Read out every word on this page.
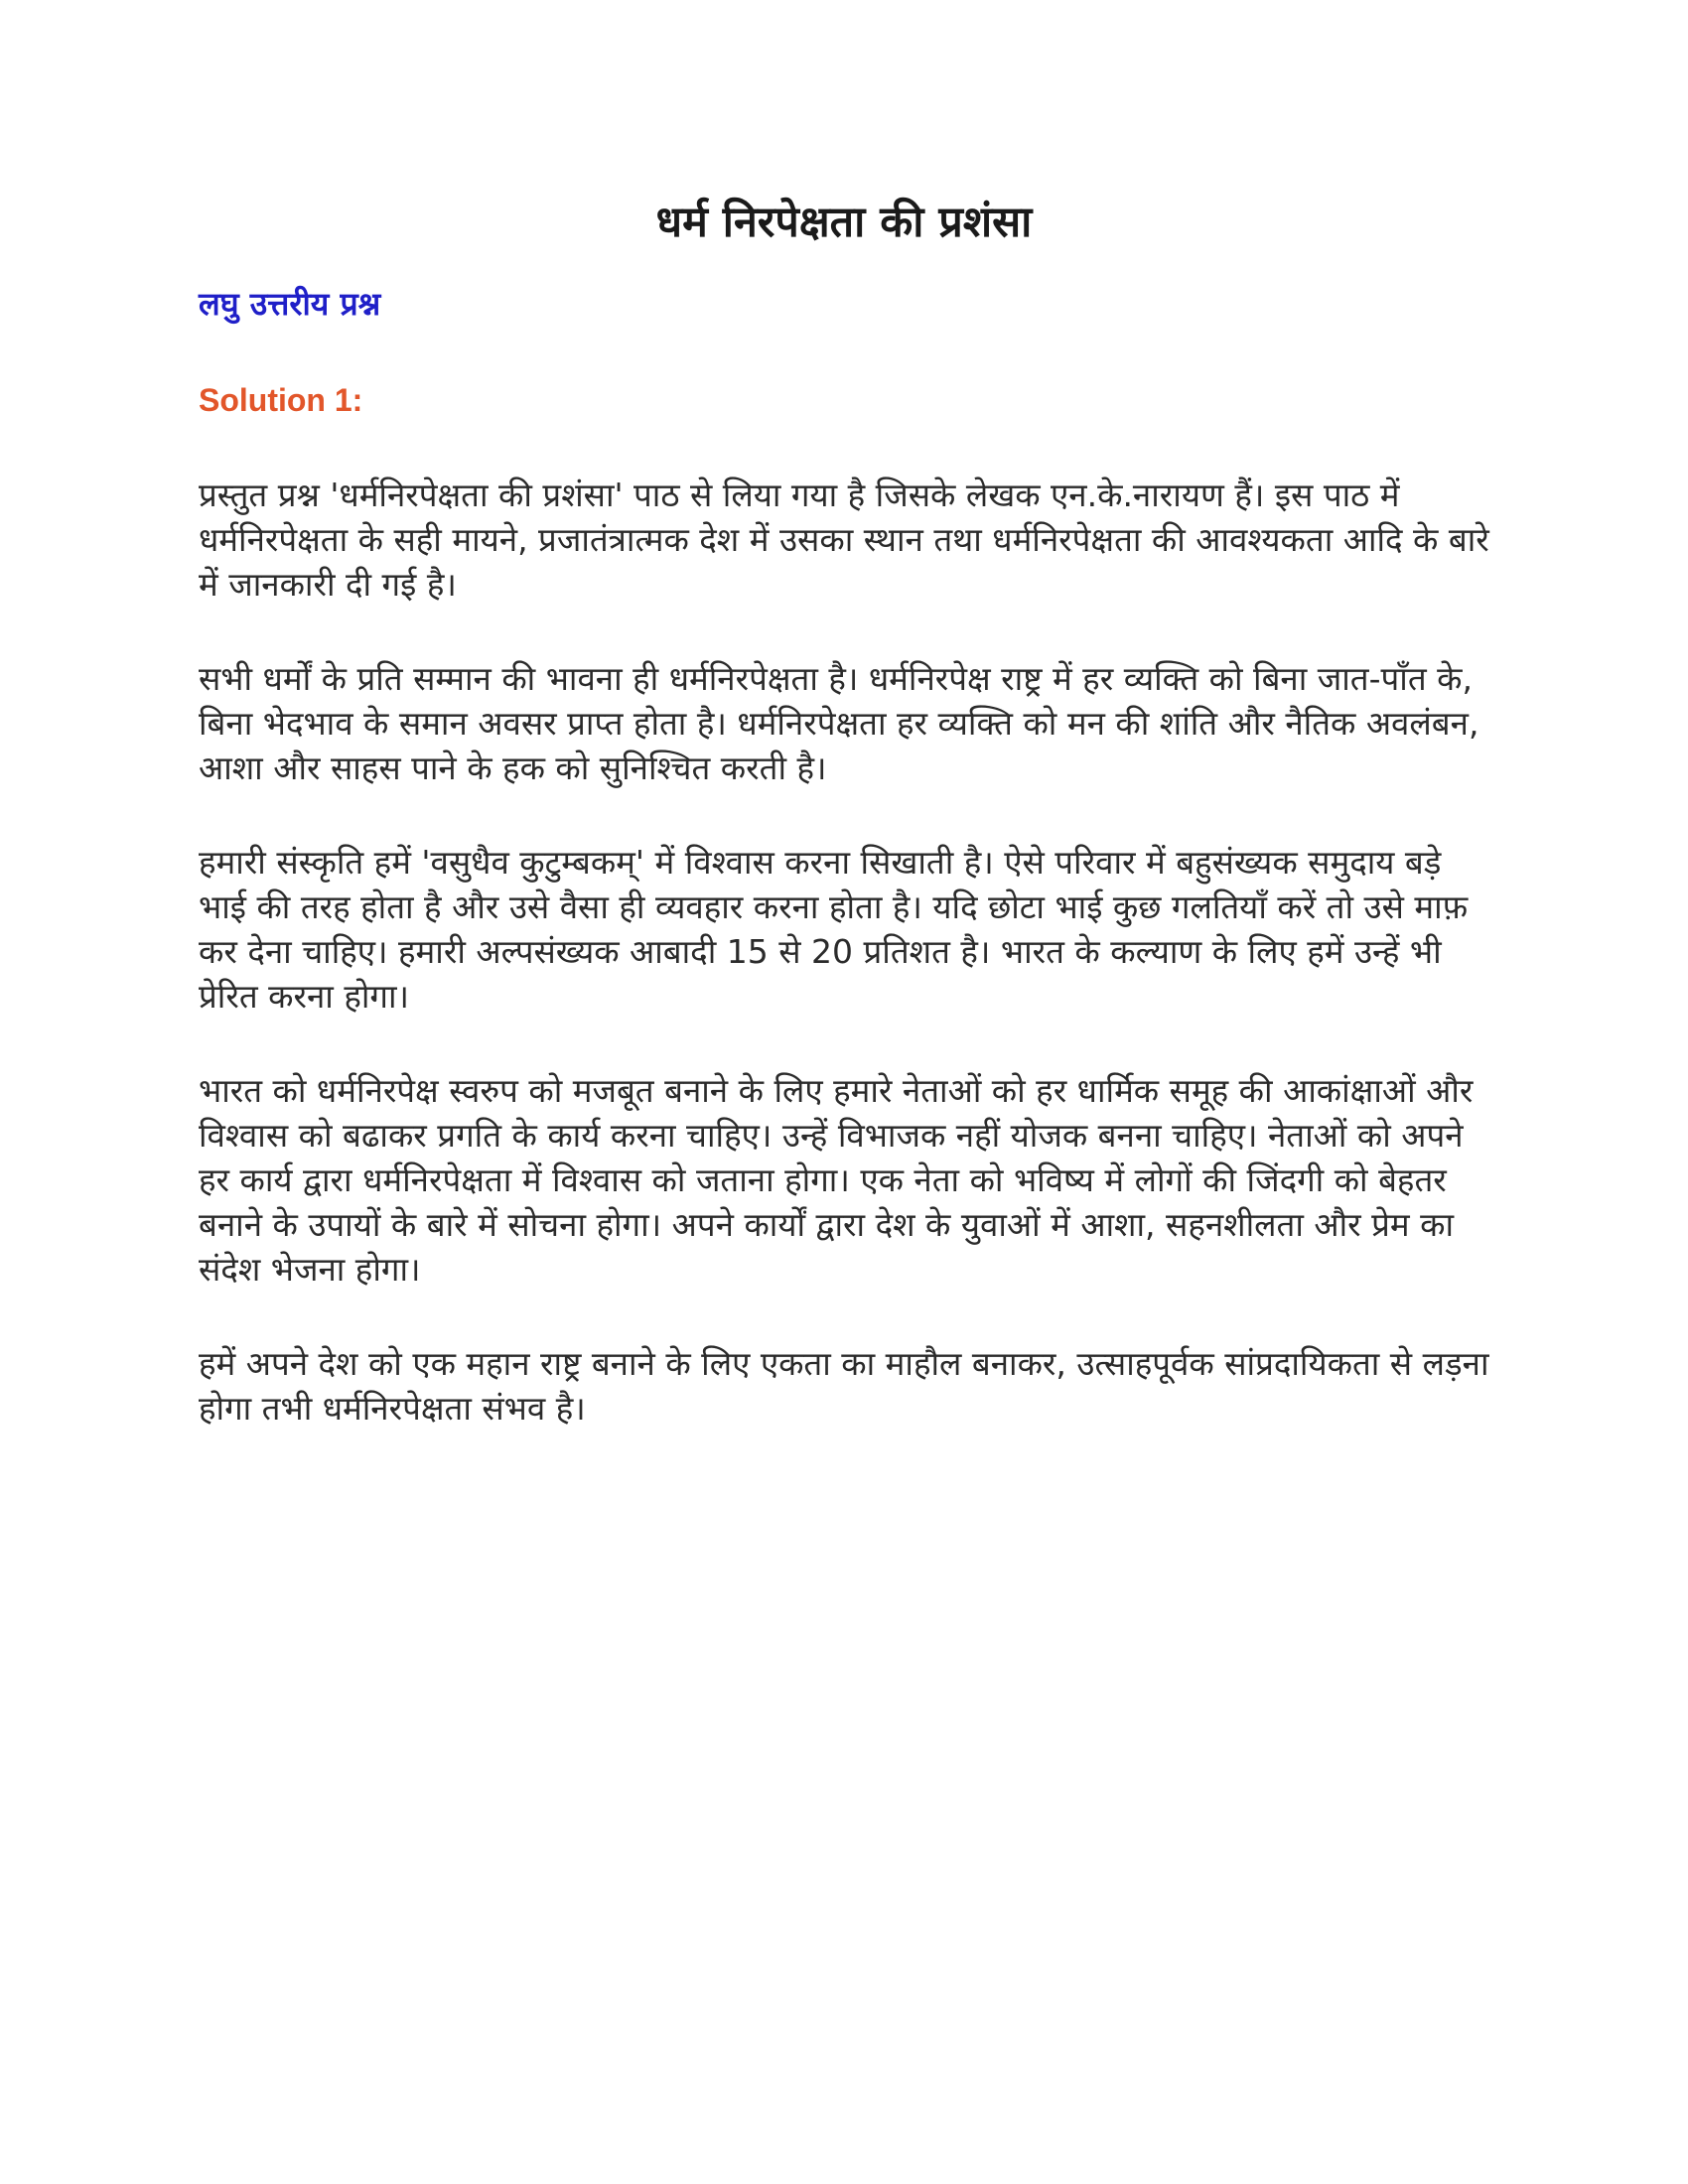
धर्म निरपेक्षता की प्रशंसा
लघु उत्तरीय प्रश्न
Solution 1:

प्रस्तुत प्रश्न 'धर्मनिरपेक्षता की प्रशंसा' पाठ से लिया गया है जिसके लेखक एन.के.नारायण हैं। इस पाठ में धर्मनिरपेक्षता के सही मायने, प्रजातंत्रात्मक देश में उसका स्थान तथा धर्मनिरपेक्षता की आवश्यकता आदि के बारे में जानकारी दी गई है।

सभी धर्मों के प्रति सम्मान की भावना ही धर्मनिरपेक्षता है। धर्मनिरपेक्ष राष्ट्र में हर व्यक्ति को बिना जात-पाँत के, बिना भेदभाव के समान अवसर प्राप्त होता है। धर्मनिरपेक्षता हर व्यक्ति को मन की शांति और नैतिक अवलंबन, आशा और साहस पाने के हक को सुनिश्चित करती है।

हमारी संस्कृति हमें 'वसुधैव कुटुम्बकम्' में विश्वास करना सिखाती है। ऐसे परिवार में बहुसंख्यक समुदाय बड़े भाई की तरह होता है और उसे वैसा ही व्यवहार करना होता है। यदि छोटा भाई कुछ गलतियाँ करें तो उसे माफ़ कर देना चाहिए। हमारी अल्पसंख्यक आबादी 15 से 20 प्रतिशत है। भारत के कल्याण के लिए हमें उन्हें भी प्रेरित करना होगा।

भारत को धर्मनिरपेक्ष स्वरुप को मजबूत बनाने के लिए हमारे नेताओं को हर धार्मिक समूह की आकांक्षाओं और विश्वास को बढाकर प्रगति के कार्य करना चाहिए। उन्हें विभाजक नहीं योजक बनना चाहिए। नेताओं को अपने हर कार्य द्वारा धर्मनिरपेक्षता में विश्वास को जताना होगा। एक नेता को भविष्य में लोगों की जिंदगी को बेहतर बनाने के उपायों के बारे में सोचना होगा। अपने कार्यों द्वारा देश के युवाओं में आशा, सहनशीलता और प्रेम का संदेश भेजना होगा।

हमें अपने देश को एक महान राष्ट्र बनाने के लिए एकता का माहौल बनाकर, उत्साहपूर्वक सांप्रदायिकता से लड़ना होगा तभी धर्मनिरपेक्षता संभव है।
